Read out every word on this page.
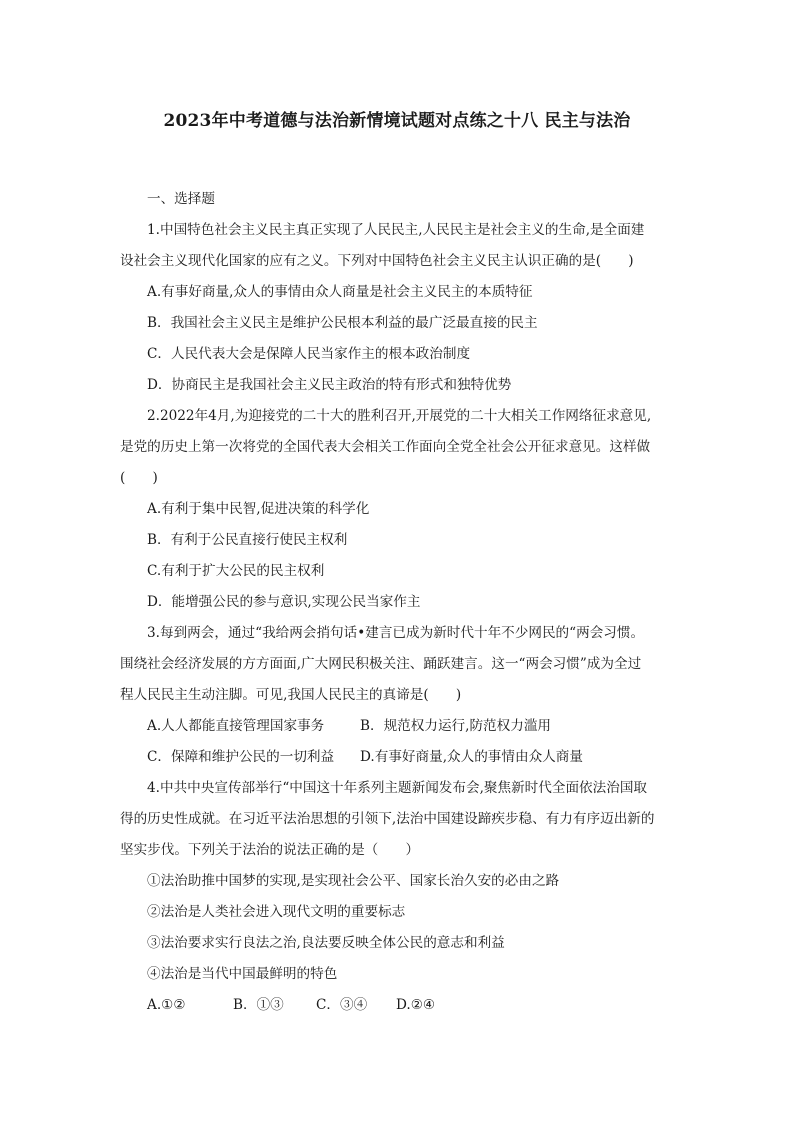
2023年中考道德与法治新情境试题对点练之十八 民主与法治

一、选择题

1.中国特色社会主义民主真正实现了人民民主,人民民主是社会主义的生命,是全面建

设社会主义现代化国家的应有之义。下列对中国特色社会主义民主认识正确的是(　　)

A.有事好商量,众人的事情由众人商量是社会主义民主的本质特征

B．我国社会主义民主是维护公民根本利益的最广泛最直接的民主

C．人民代表大会是保障人民当家作主的根本政治制度

D．协商民主是我国社会主义民主政治的特有形式和独特优势

2.2022年4月,为迎接党的二十大的胜利召开,开展党的二十大相关工作网络征求意见,

是党的历史上第一次将党的全国代表大会相关工作面向全党全社会公开征求意见。这样做

(　　)

A.有利于集中民智,促进决策的科学化

B．有利于公民直接行使民主权利

C.有利于扩大公民的民主权利

D．能增强公民的参与意识,实现公民当家作主

3.每到两会，通过“我给两会捎句话•建言已成为新时代十年不少网民的“两会习惯。

围绕社会经济发展的方方面面,广大网民积极关注、踊跃建言。这一“两会习惯”成为全过

程人民民主生动注脚。可见,我国人民民主的真谛是(　　)

A.人人都能直接管理国家事务	B．规范权力运行,防范权力滥用
C．保障和维护公民的一切利益	D.有事好商量,众人的事情由众人商量

4.中共中央宣传部举行“中国这十年系列主题新闻发布会,聚焦新时代全面依法治国取

得的历史性成就。在习近平法治思想的引领下,法治中国建设蹄疾步稳、有力有序迈出新的

坚实步伐。下列关于法治的说法正确的是（　　）

①法治助推中国梦的实现,是实现社会公平、国家长治久安的必由之路

②法治是人类社会进入现代文明的重要标志

③法治要求实行良法之治,良法要反映全体公民的意志和利益

④法治是当代中国最鲜明的特色

A.①②	B．①③	C．③④	D.②④
